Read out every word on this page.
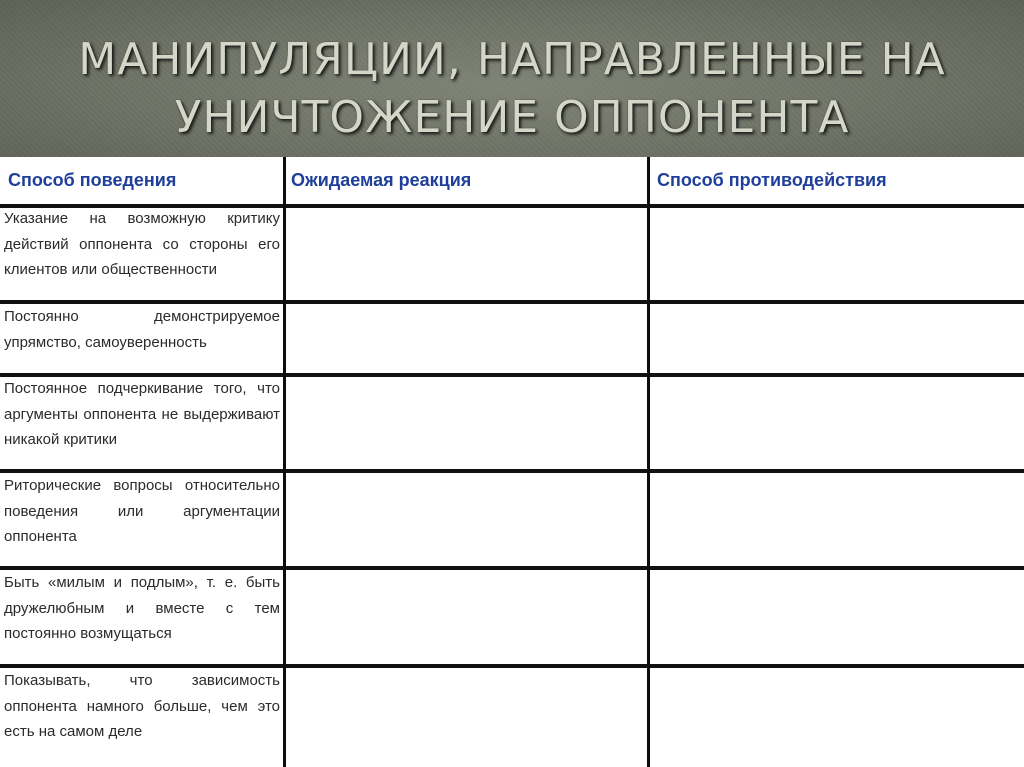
МАНИПУЛЯЦИИ, НАПРАВЛЕННЫЕ НА
УНИЧТОЖЕНИЕ ОППОНЕНТА
Способ поведения	Ожидаемая реакция	Способ противодействия
Указание на возможную критику действий оппонента со стороны его клиентов или общественности
Постоянно демонстрируемое упрямство, самоуверенность
Постоянное подчеркивание того, что аргументы оппонента не выдерживают никакой критики
Риторические вопросы относительно поведения или аргументации оппонента
Быть «милым и подлым», т. е. быть дружелюбным и вместе с тем постоянно возмущаться
Показывать, что зависимость оппонента намного больше, чем это есть на самом деле
